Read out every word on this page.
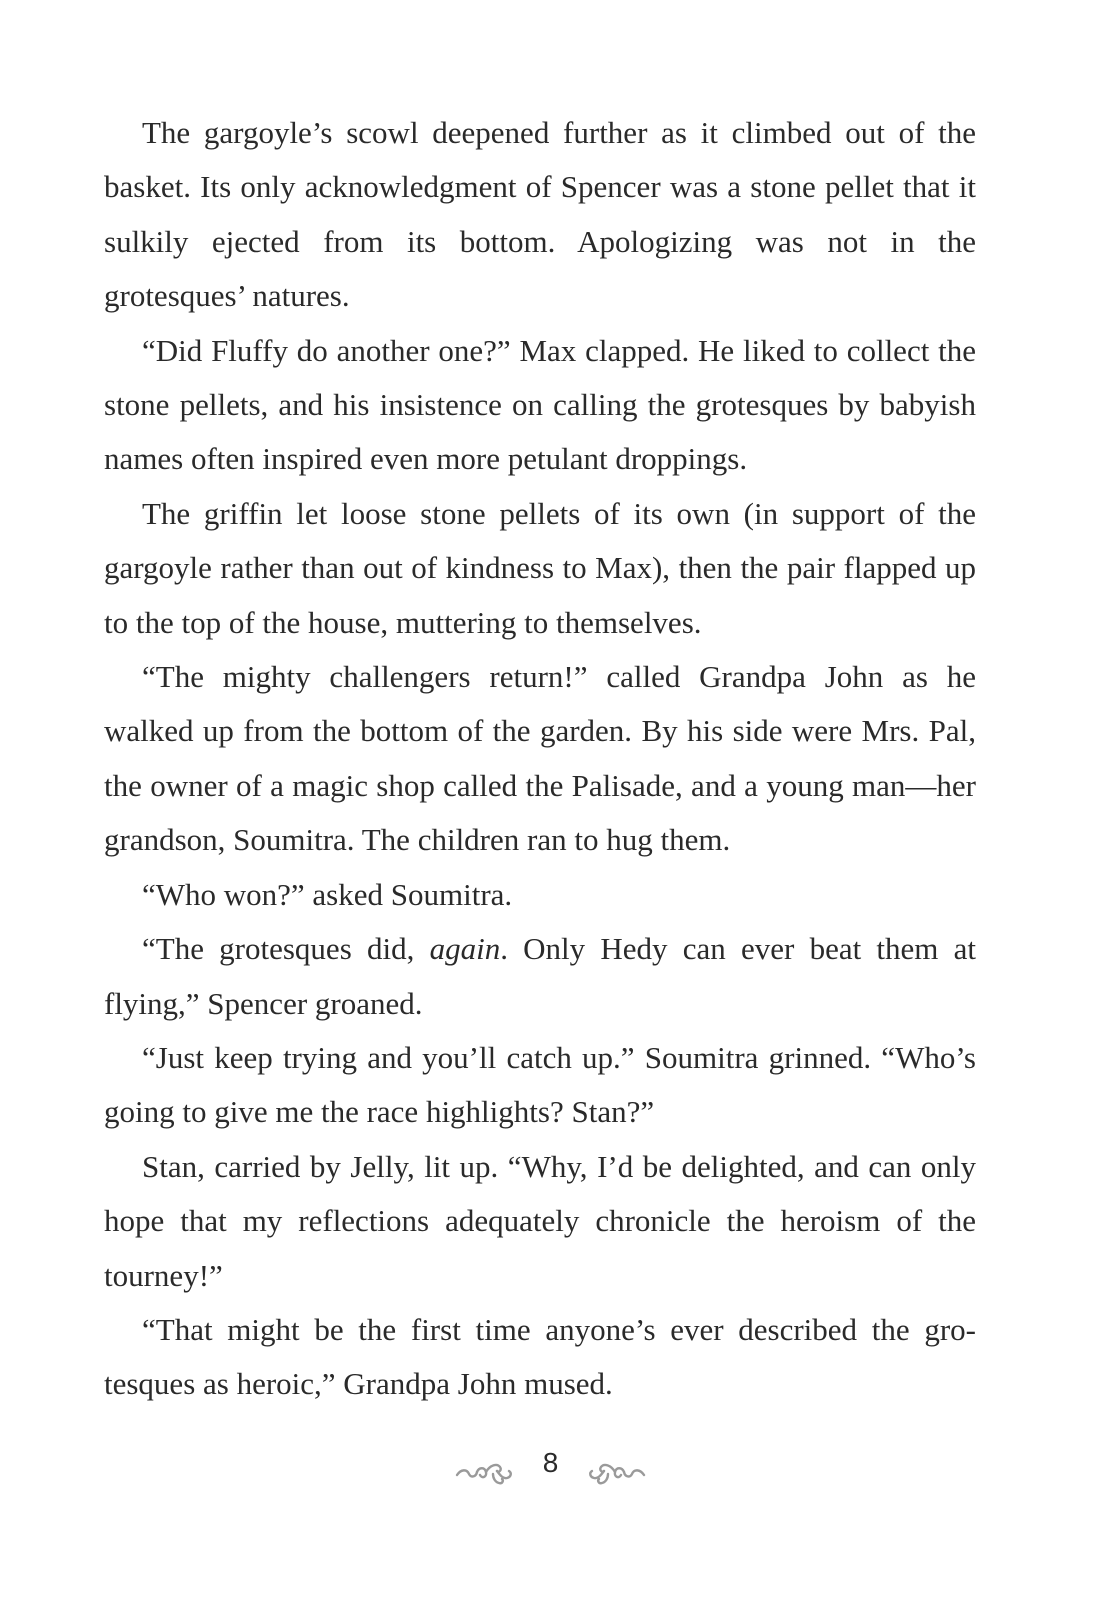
The gargoyle’s scowl deepened further as it climbed out of the basket. Its only acknowledgment of Spencer was a stone pellet that it sulkily ejected from its bottom. Apologizing was not in the grotesques’ natures.

“Did Fluffy do another one?” Max clapped. He liked to collect the stone pellets, and his insistence on calling the grotesques by babyish names often inspired even more petulant droppings.

The griffin let loose stone pellets of its own (in support of the gargoyle rather than out of kindness to Max), then the pair flapped up to the top of the house, muttering to themselves.

“The mighty challengers return!” called Grandpa John as he walked up from the bottom of the garden. By his side were Mrs. Pal, the owner of a magic shop called the Palisade, and a young man—her grandson, Soumitra. The children ran to hug them.

“Who won?” asked Soumitra.

“The grotesques did, again. Only Hedy can ever beat them at flying,” Spencer groaned.

“Just keep trying and you’ll catch up.” Soumitra grinned. “Who’s going to give me the race highlights? Stan?”

Stan, carried by Jelly, lit up. “Why, I’d be delighted, and can only hope that my reflections adequately chronicle the heroism of the tourney!”

“That might be the first time anyone’s ever described the grotesques as heroic,” Grandpa John mused.

8
